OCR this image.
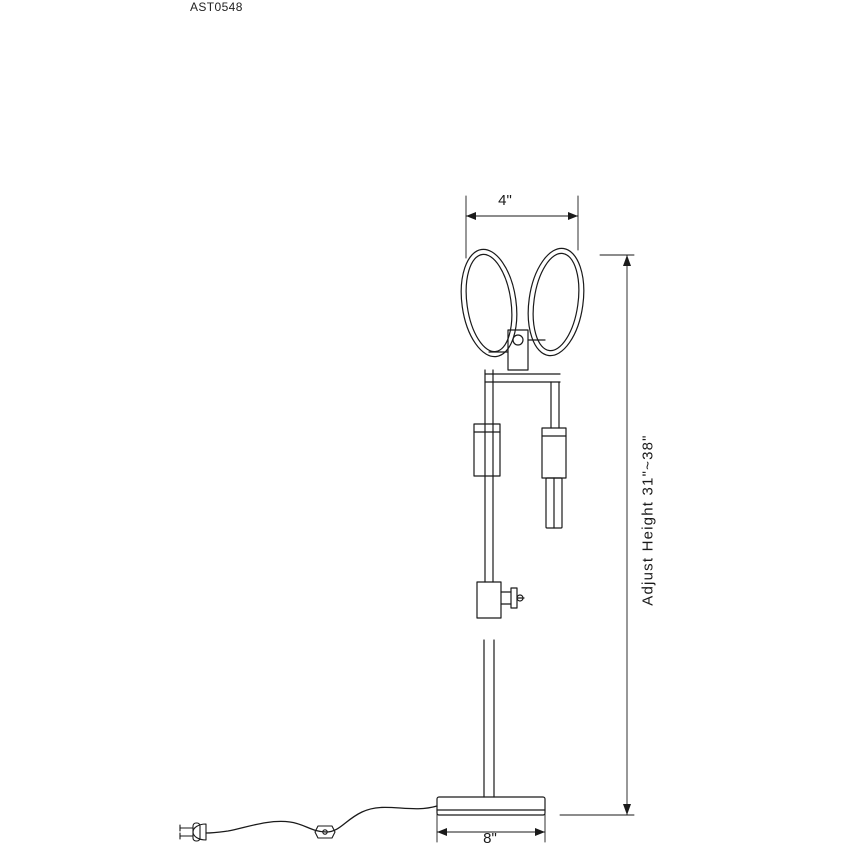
AST0548
4"
8"
Adjust Height 31"~38"
